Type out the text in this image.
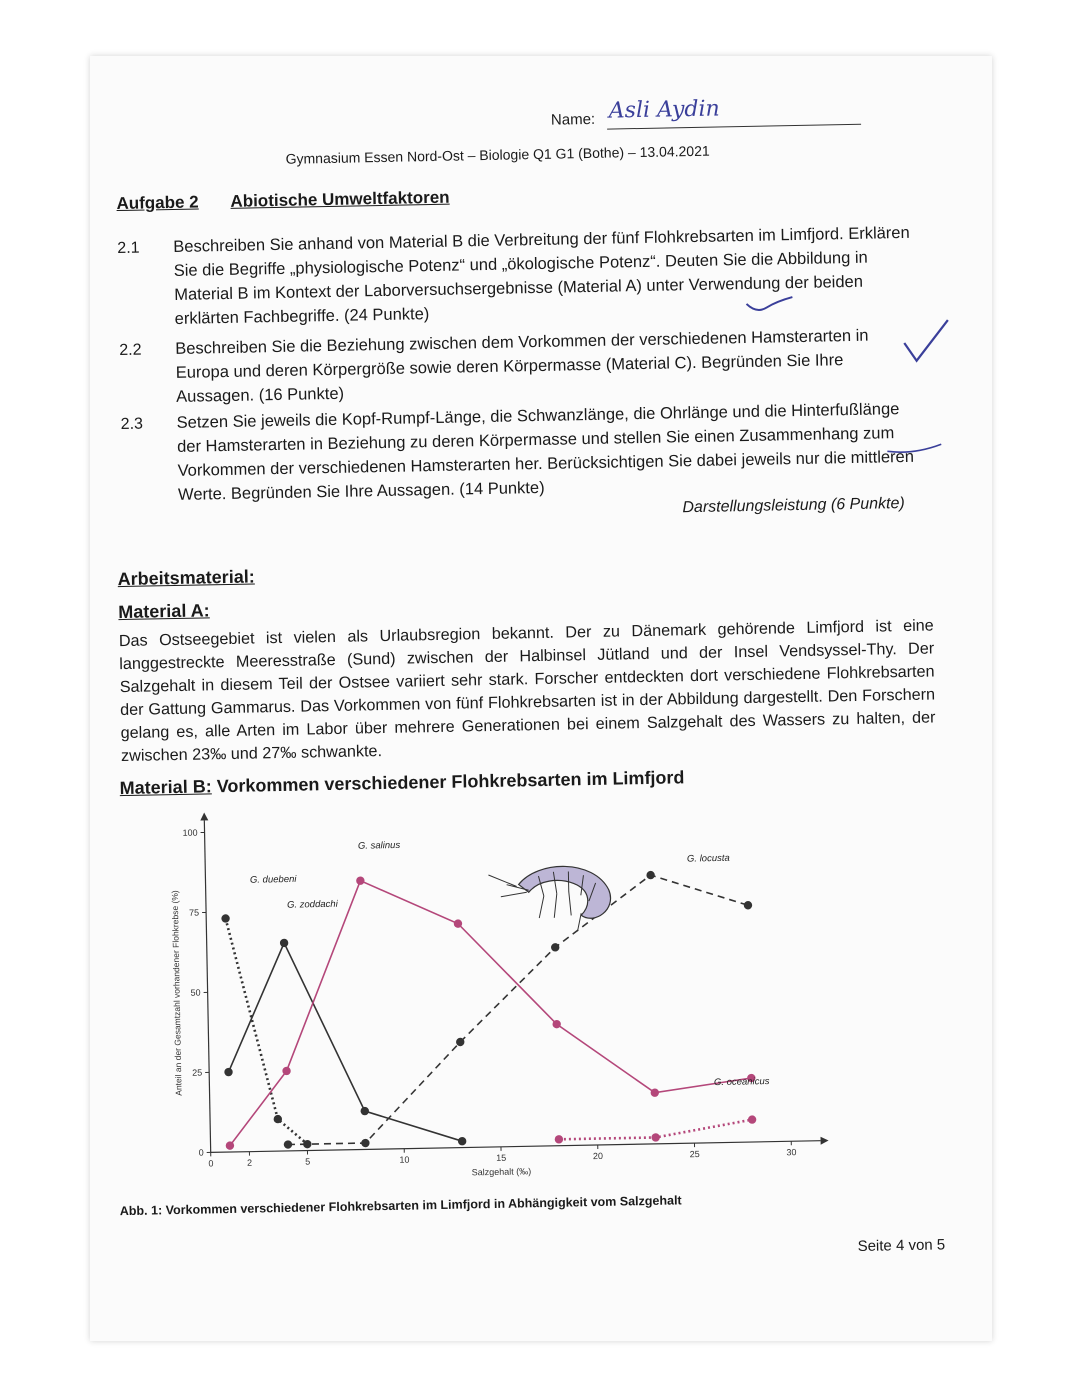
Name: Asli Aydin
Gymnasium Essen Nord-Ost – Biologie Q1 G1 (Bothe) – 13.04.2021
Aufgabe 2 Abiotische Umweltfaktoren
2.1 Beschreiben Sie anhand von Material B die Verbreitung der fünf Flohkrebsarten im Limfjord. Erklären Sie die Begriffe „physiologische Potenz“ und „ökologische Potenz“. Deuten Sie die Abbildung in Material B im Kontext der Laborversuchsergebnisse (Material A) unter Verwendung der beiden erklärten Fachbegriffe. (24 Punkte)
2.2 Beschreiben Sie die Beziehung zwischen dem Vorkommen der verschiedenen Hamsterarten in Europa und deren Körpergröße sowie deren Körpermasse (Material C). Begründen Sie Ihre Aussagen. (16 Punkte)
2.3 Setzen Sie jeweils die Kopf-Rumpf-Länge, die Schwanzlänge, die Ohrlänge und die Hinterfußlänge der Hamsterarten in Beziehung zu deren Körpermasse und stellen Sie einen Zusammenhang zum Vorkommen der verschiedenen Hamsterarten her. Berücksichtigen Sie dabei jeweils nur die mittleren Werte. Begründen Sie Ihre Aussagen. (14 Punkte)
Darstellungsleistung (6 Punkte)
Arbeitsmaterial:
Material A:
Das Ostseegebiet ist vielen als Urlaubsregion bekannt. Der zu Dänemark gehörende Limfjord ist eine langgestreckte Meeresstraße (Sund) zwischen der Halbinsel Jütland und der Insel Vendsyssel-Thy. Der Salzgehalt in diesem Teil der Ostsee variiert sehr stark. Forscher entdeckten dort verschiedene Flohkrebsarten der Gattung Gammarus. Das Vorkommen von fünf Flohkrebsarten ist in der Abbildung dargestellt. Den Forschern gelang es, alle Arten im Labor über mehrere Generationen bei einem Salzgehalt des Wassers zu halten, der zwischen 23‰ und 27‰ schwankte.
Material B: Vorkommen verschiedener Flohkrebsarten im Limfjord
0	2	5	10	15	20	25	30
0
25
50
75
100
Salzgehalt (‰)
Anteil an der Gesamtzahl vorhandener Flohkrebse (%)
G. duebeni
G. zoddachi
G. salinus
G. locusta
G. oceanicus
Abb. 1: Vorkommen verschiedener Flohkrebsarten im Limfjord in Abhängigkeit vom Salzgehalt
Seite 4 von 5
